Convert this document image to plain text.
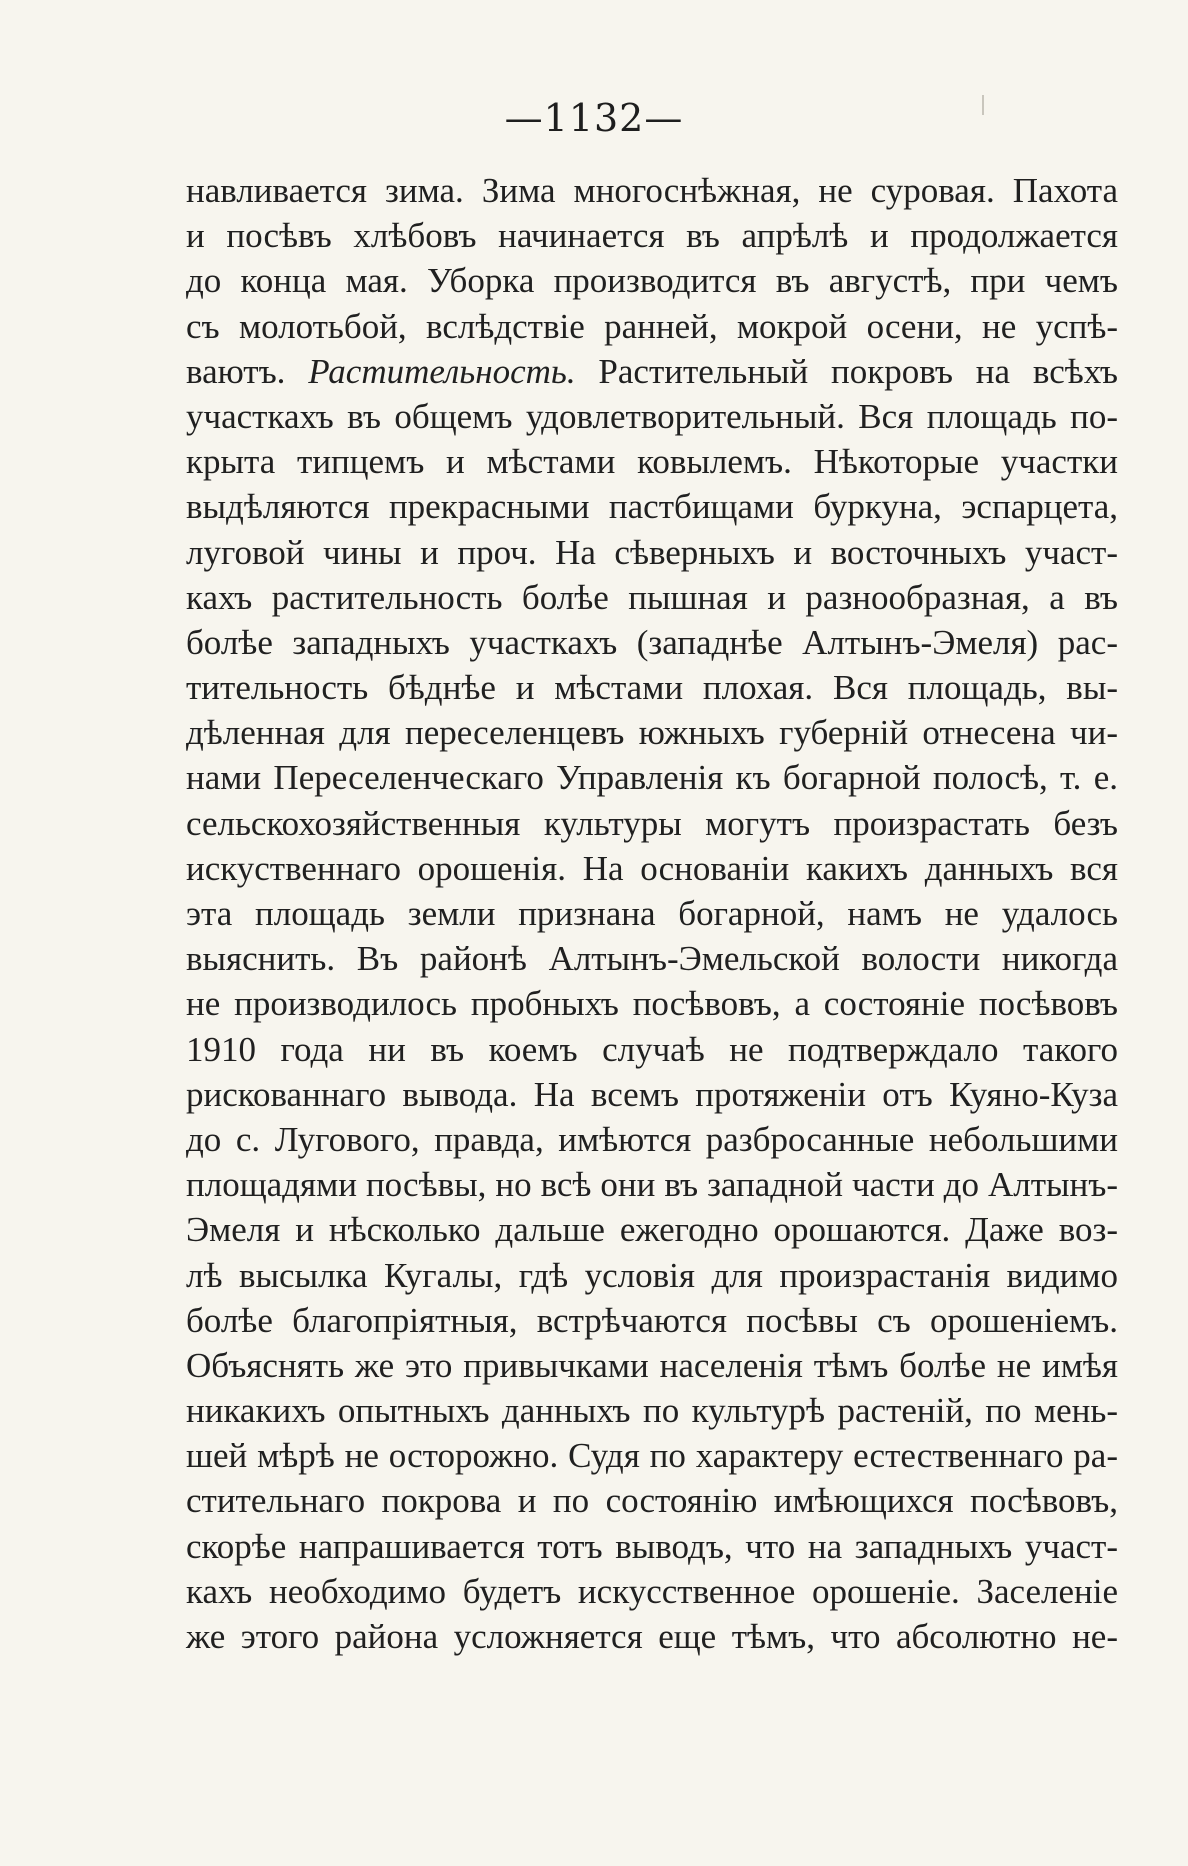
—1132—
навливается зима. Зима многоснѣжная, не суровая. Пахота
и посѣвъ хлѣбовъ начинается въ апрѣлѣ и продолжается
до конца мая. Уборка производится въ августѣ, при чемъ
съ молотьбой, вслѣдствіе ранней, мокрой осени, не успѣ-
ваютъ. Растительность. Растительный покровъ на всѣхъ
участкахъ въ общемъ удовлетворительный. Вся площадь по-
крыта типцемъ и мѣстами ковылемъ. Нѣкоторые участки
выдѣляются прекрасными пастбищами буркуна, эспарцета,
луговой чины и проч. На сѣверныхъ и восточныхъ участ-
кахъ растительность болѣе пышная и разнообразная, а въ
болѣе западныхъ участкахъ (западнѣе Алтынъ-Эмеля) рас-
тительность бѣднѣе и мѣстами плохая. Вся площадь, вы-
дѣленная для переселенцевъ южныхъ губерній отнесена чи-
нами Переселенческаго Управленія къ богарной полосѣ, т. е.
сельскохозяйственныя культуры могутъ произрастать безъ
искуственнаго орошенія. На основаніи какихъ данныхъ вся
эта площадь земли признана богарной, намъ не удалось
выяснить. Въ районѣ Алтынъ-Эмельской волости никогда
не производилось пробныхъ посѣвовъ, а состояніе посѣвовъ
1910 года ни въ коемъ случаѣ не подтверждало такого
рискованнаго вывода. На всемъ протяженіи отъ Куяно-Куза
до с. Лугового, правда, имѣются разбросанные небольшими
площадями посѣвы, но всѣ они въ западной части до Алтынъ-
Эмеля и нѣсколько дальше ежегодно орошаются. Даже воз-
лѣ высылка Кугалы, гдѣ условія для произрастанія видимо
болѣе благопріятныя, встрѣчаются посѣвы съ орошеніемъ.
Объяснять же это привычками населенія тѣмъ болѣе не имѣя
никакихъ опытныхъ данныхъ по культурѣ растеній, по мень-
шей мѣрѣ не осторожно. Судя по характеру естественнаго ра-
стительнаго покрова и по состоянію имѣющихся посѣвовъ,
скорѣе напрашивается тотъ выводъ, что на западныхъ участ-
кахъ необходимо будетъ искусственное орошеніе. Заселеніе
же этого района усложняется еще тѣмъ, что абсолютно не-
